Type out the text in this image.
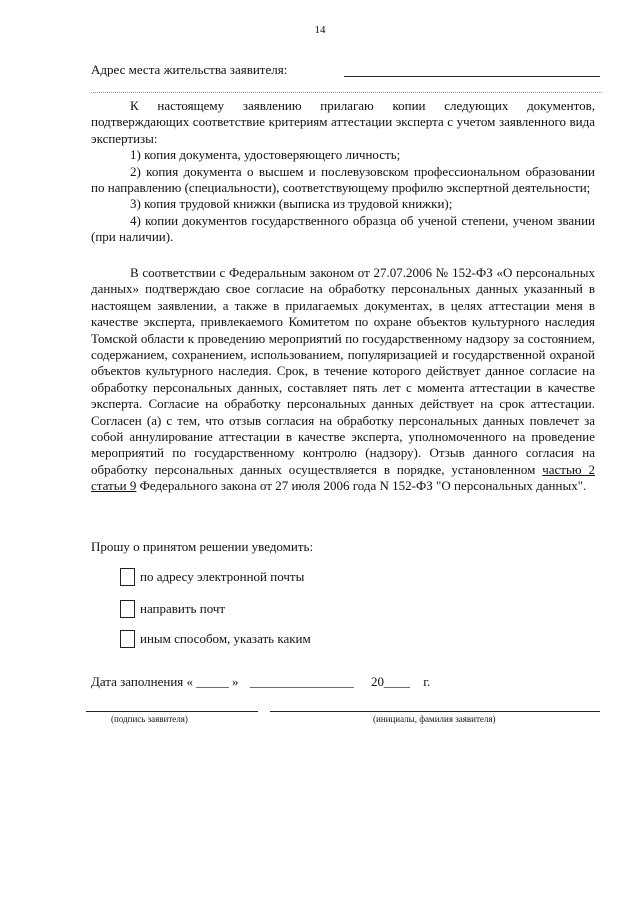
14
Адрес места жительства заявителя:

К настоящему заявлению прилагаю копии следующих документов, подтверждающих соответствие критериям аттестации эксперта с учетом заявленного вида экспертизы:

1) копия документа, удостоверяющего личность;

2) копия документа о высшем и послевузовском профессиональном образовании по направлению (специальности), соответствующему профилю экспертной деятельности;

3) копия трудовой книжки (выписка из трудовой книжки);

4) копии документов государственного образца об ученой степени, ученом звании (при наличии).

В соответствии с Федеральным законом от 27.07.2006 № 152-ФЗ «О персональных данных» подтверждаю свое согласие на обработку персональных данных указанный в настоящем заявлении, а также в прилагаемых документах, в целях аттестации меня в качестве эксперта, привлекаемого Комитетом по охране объектов культурного наследия Томской области к проведению мероприятий по государственному надзору за состоянием, содержанием, сохранением, использованием, популяризацией и государственной охраной объектов культурного наследия. Срок, в течение которого действует данное согласие на обработку персональных данных, составляет пять лет с момента аттестации в качестве эксперта. Согласие на обработку персональных данных действует на срок аттестации. Согласен (а) с тем, что отзыв согласия на обработку персональных данных повлечет за собой аннулирование аттестации в качестве эксперта, уполномоченного на проведение мероприятий по государственному контролю (надзору). Отзыв данного согласия на обработку персональных данных осуществляется в порядке, установленном частью 2 статьи 9 Федерального закона от 27 июля 2006 года N 152-ФЗ "О персональных данных".

Прошу о принятом решении уведомить:
по адресу электронной почты
направить почт
иным способом, указать каким
Дата заполнения « _____ » ________________ 20____ г.
(подпись заявителя)	(инициалы, фамилия заявителя)
